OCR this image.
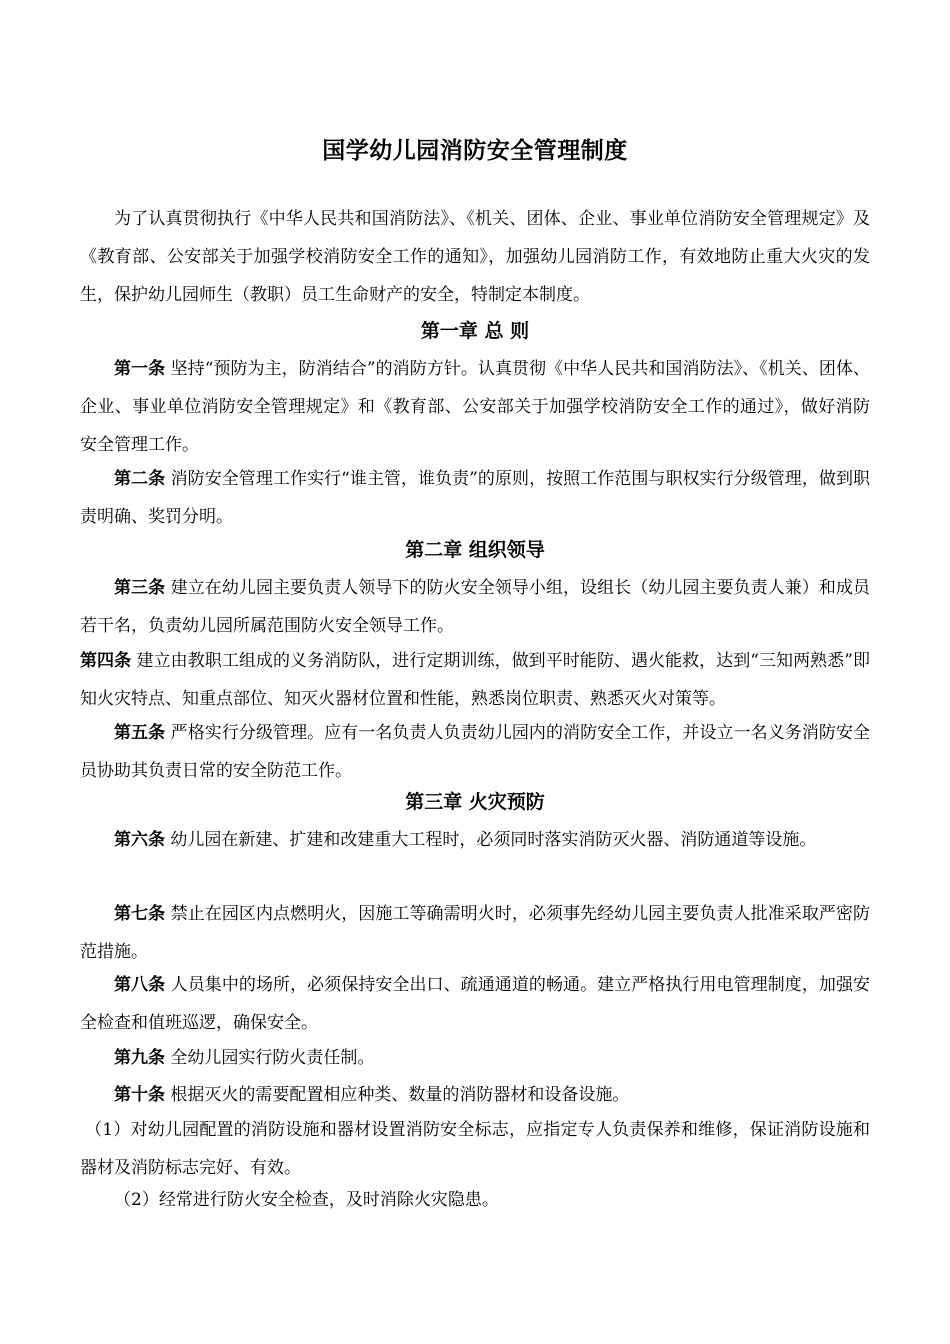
国学幼儿园消防安全管理制度
为了认真贯彻执行《中华人民共和国消防法》、《机关、团体、企业、事业单位消防安全管理规定》及《教育部、公安部关于加强学校消防安全工作的通知》，加强幼儿园消防工作，有效地防止重大火灾的发生，保护幼儿园师生（教职）员工生命财产的安全，特制定本制度。
第一章 总 则
第一条 坚持“预防为主，防消结合”的消防方针。认真贯彻《中华人民共和国消防法》、《机关、团体、企业、事业单位消防安全管理规定》和《教育部、公安部关于加强学校消防安全工作的通过》，做好消防安全管理工作。
第二条 消防安全管理工作实行“谁主管，谁负责”的原则，按照工作范围与职权实行分级管理，做到职责明确、奖罚分明。
第二章 组织领导
第三条 建立在幼儿园主要负责人领导下的防火安全领导小组，设组长（幼儿园主要负责人兼）和成员若干名，负责幼儿园所属范围防火安全领导工作。
第四条 建立由教职工组成的义务消防队，进行定期训练，做到平时能防、遇火能救，达到“三知两熟悉”即知火灾特点、知重点部位、知灭火器材位置和性能，熟悉岗位职责、熟悉灭火对策等。
第五条 严格实行分级管理。应有一名负责人负责幼儿园内的消防安全工作，并设立一名义务消防安全员协助其负责日常的安全防范工作。
第三章 火灾预防
第六条 幼儿园在新建、扩建和改建重大工程时，必须同时落实消防灭火器、消防通道等设施。
第七条 禁止在园区内点燃明火，因施工等确需明火时，必须事先经幼儿园主要负责人批准采取严密防范措施。
第八条 人员集中的场所，必须保持安全出口、疏通通道的畅通。建立严格执行用电管理制度，加强安全检查和值班巡逻，确保安全。
第九条 全幼儿园实行防火责任制。
第十条 根据灭火的需要配置相应种类、数量的消防器材和设备设施。
（1）对幼儿园配置的消防设施和器材设置消防安全标志，应指定专人负责保养和维修，保证消防设施和器材及消防标志完好、有效。
（2）经常进行防火安全检查，及时消除火灾隐患。
